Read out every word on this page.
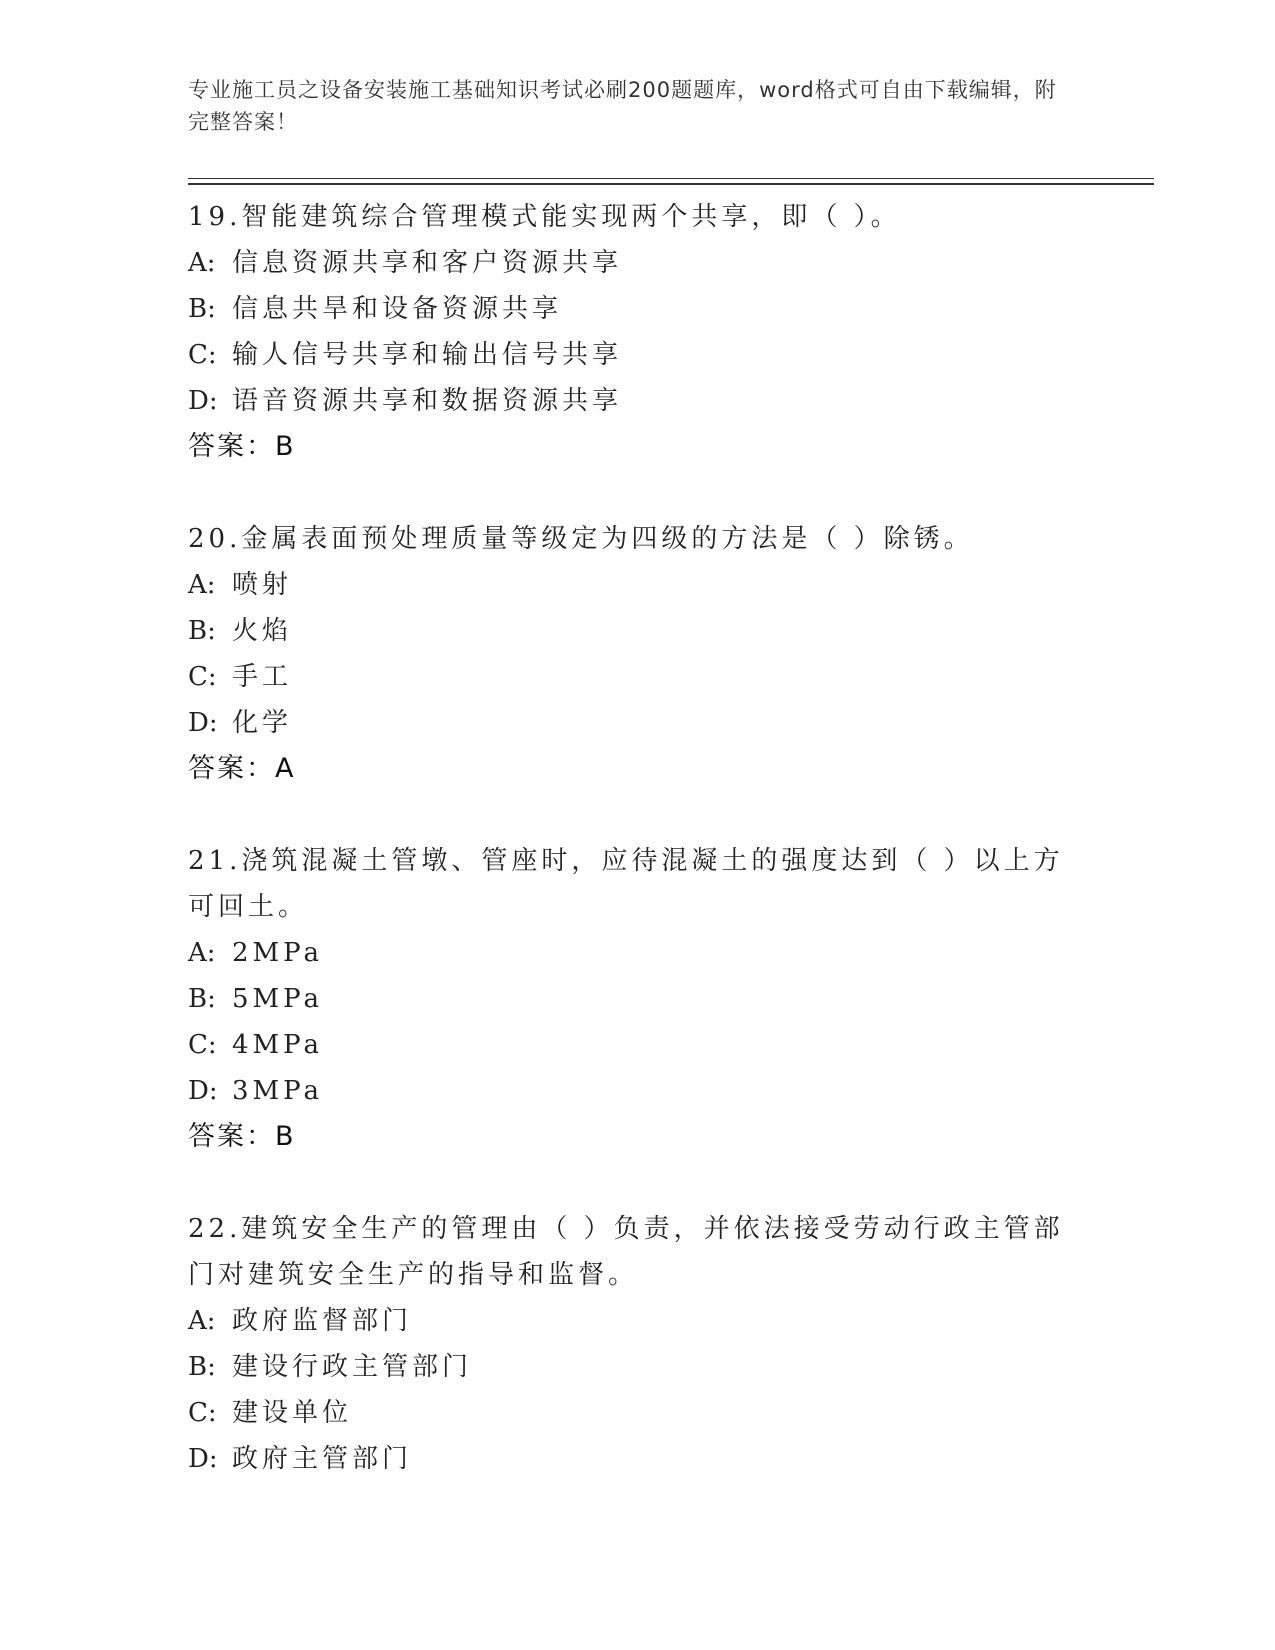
专业施工员之设备安装施工基础知识考试必刷200题题库，word格式可自由下载编辑，附完整答案！
19.智能建筑综合管理模式能实现两个共享，即（ ）。
A: 信息资源共享和客户资源共享
B: 信息共旱和设备资源共享
C: 输人信号共享和输出信号共享
D: 语音资源共享和数据资源共享
答案：B
20.金属表面预处理质量等级定为四级的方法是（ ）除锈。
A: 喷射
B: 火焰
C: 手工
D: 化学
答案：A
21.浇筑混凝土管墩、管座时，应待混凝土的强度达到（ ）以上方可回土。
A: 2MPa
B: 5MPa
C: 4MPa
D: 3MPa
答案：B
22.建筑安全生产的管理由（ ）负责，并依法接受劳动行政主管部门对建筑安全生产的指导和监督。
A: 政府监督部门
B: 建设行政主管部门
C: 建设单位
D: 政府主管部门
